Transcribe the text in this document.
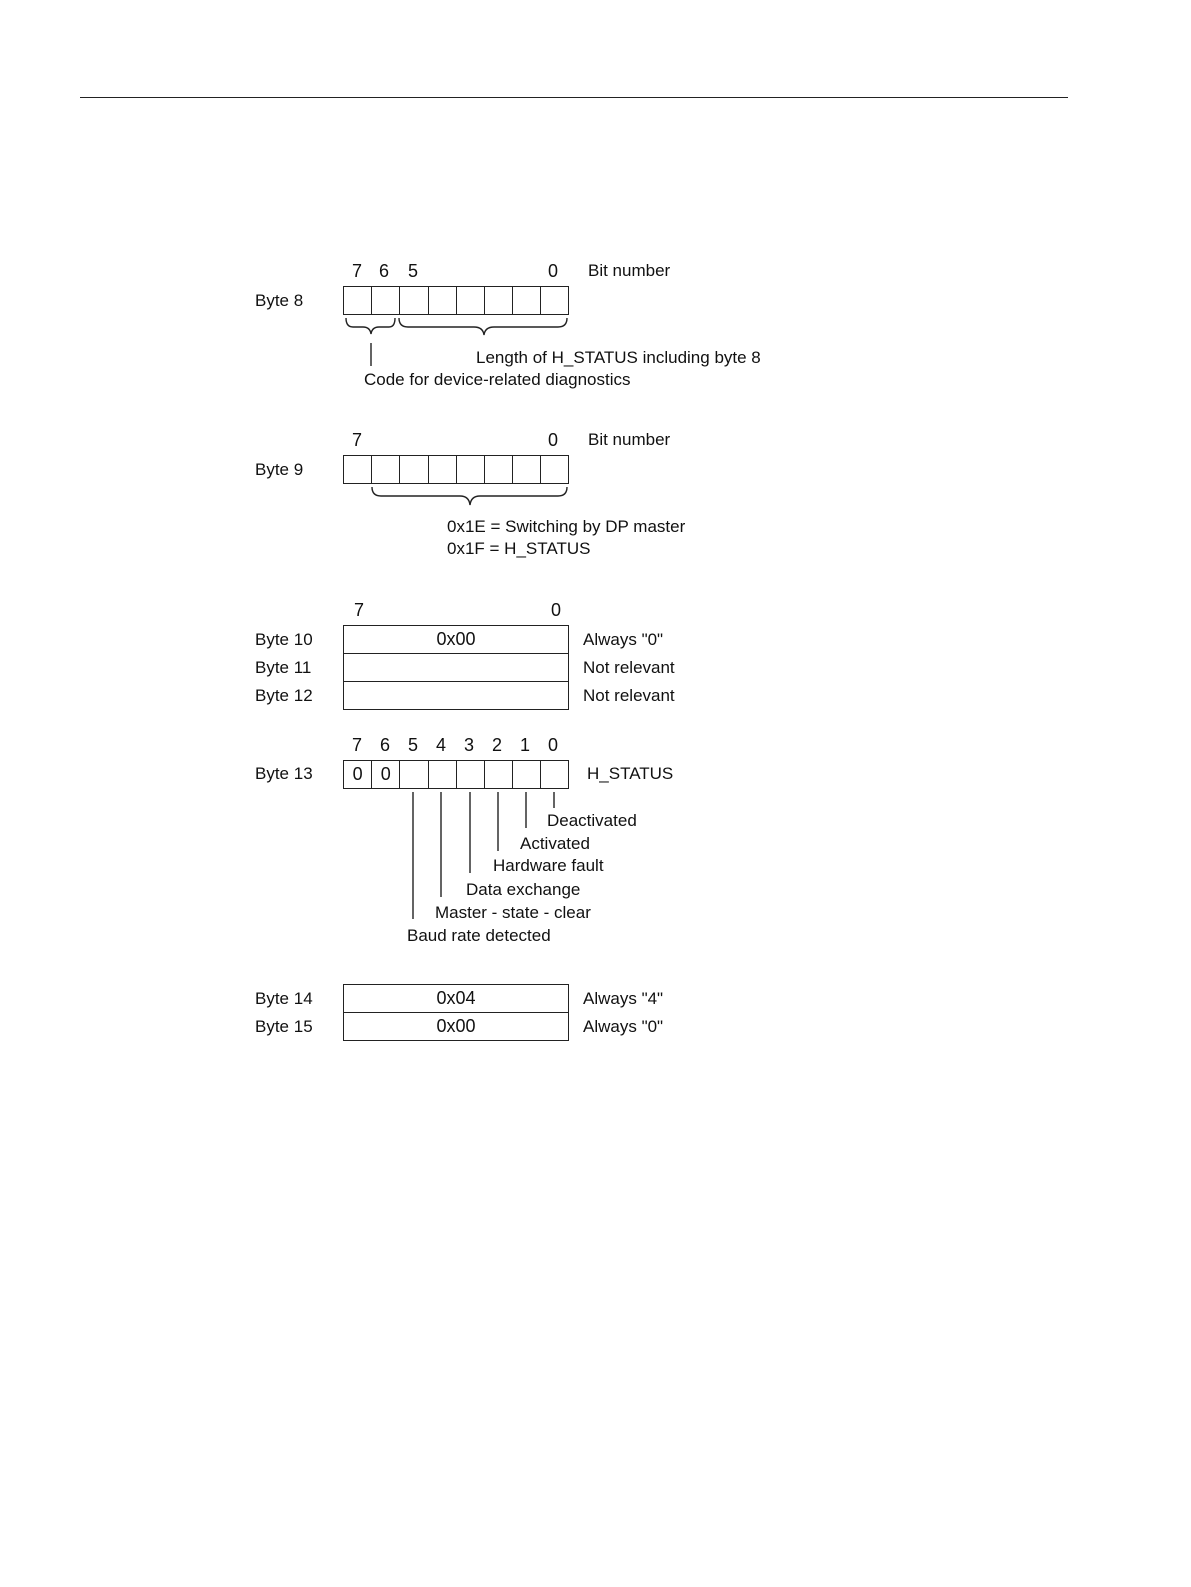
7 6 5	0 Bit number
Byte 8
Length of H_STATUS including byte 8
Code for device-related diagnostics
7	0 Bit number
Byte 9
0x1E = Switching by DP master
0x1F = H_STATUS
7	0
Byte 10	0x00	Always "0"
Byte 11	Not relevant
Byte 12	Not relevant
7 6 5 4 3 2 1 0
Byte 13	0	0	H_STATUS
Deactivated
Activated
Hardware fault
Data exchange
Master - state - clear
Baud rate detected
Byte 14	0x04	Always "4"
Byte 15	0x00	Always "0"
